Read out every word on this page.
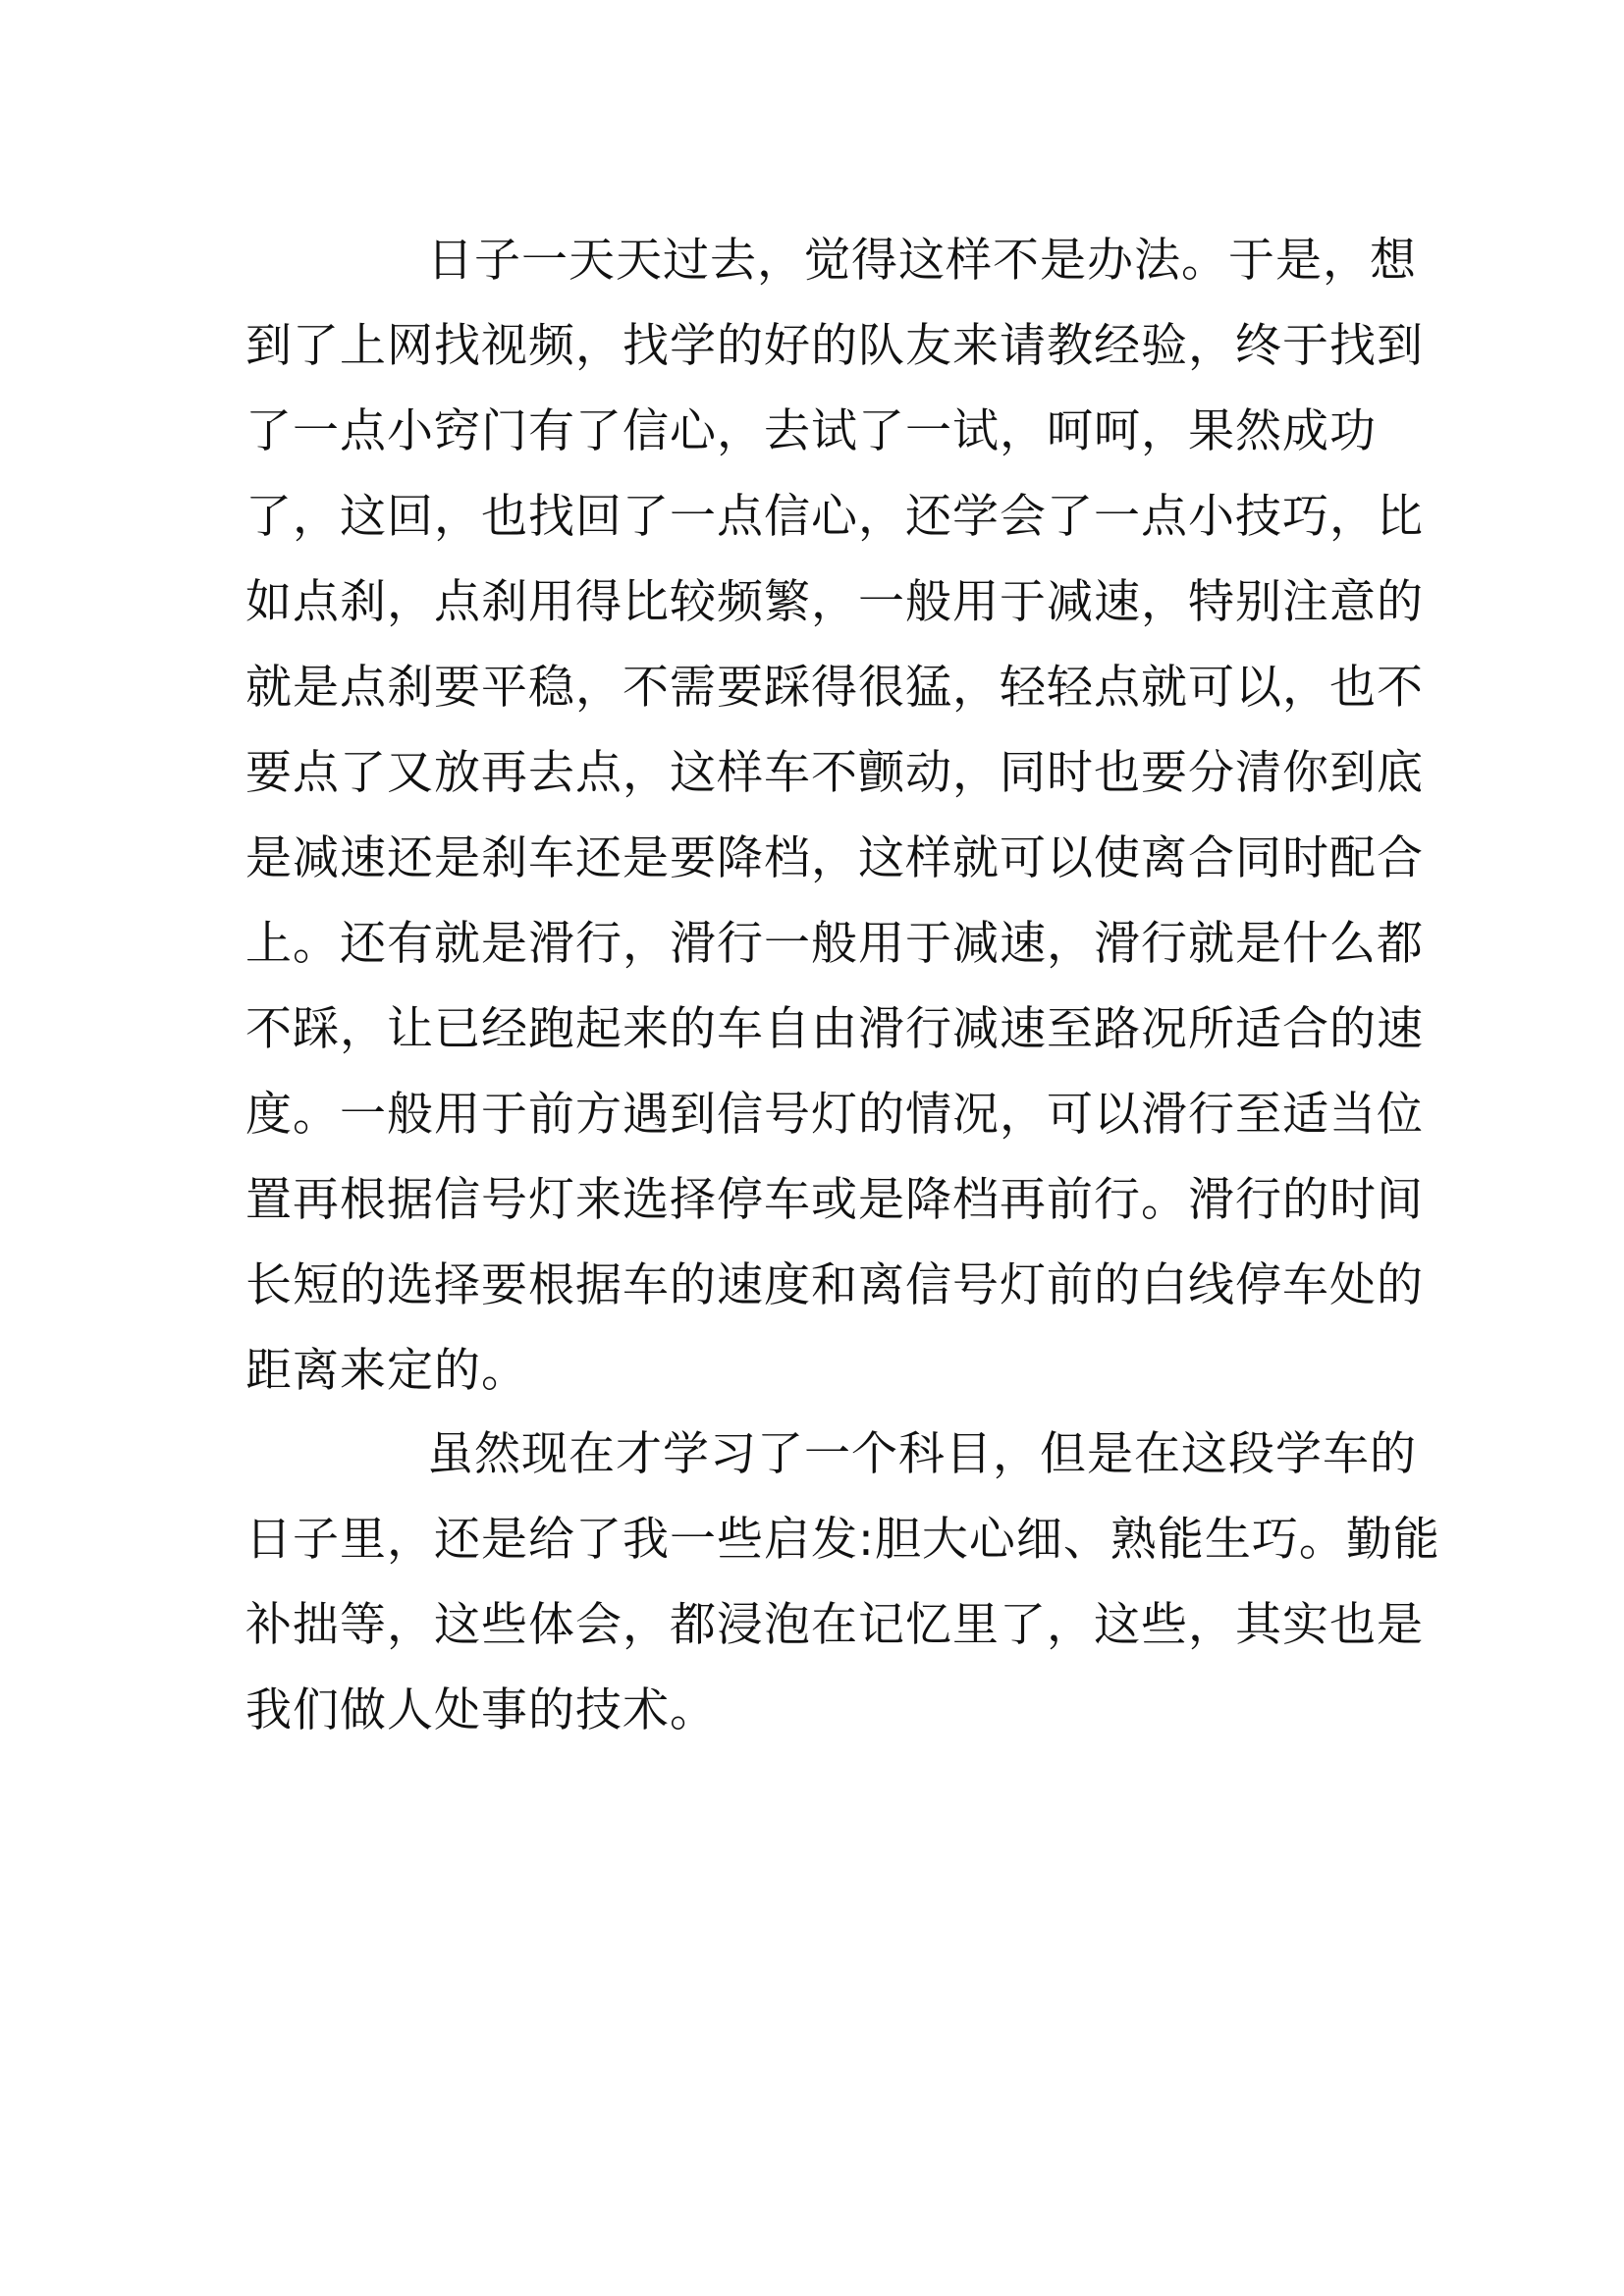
日子一天天过去，觉得这样不是办法。于是，想
到了上网找视频，找学的好的队友来请教经验，终于找到
了一点小窍门有了信心，去试了一试，呵呵，果然成功
了，这回，也找回了一点信心，还学会了一点小技巧，比
如点刹，点刹用得比较频繁，一般用于减速，特别注意的
就是点刹要平稳，不需要踩得很猛，轻轻点就可以，也不
要点了又放再去点，这样车不颤动，同时也要分清你到底
是减速还是刹车还是要降档，这样就可以使离合同时配合
上。还有就是滑行，滑行一般用于减速，滑行就是什么都
不踩，让已经跑起来的车自由滑行减速至路况所适合的速
度。一般用于前方遇到信号灯的情况，可以滑行至适当位
置再根据信号灯来选择停车或是降档再前行。滑行的时间
长短的选择要根据车的速度和离信号灯前的白线停车处的
距离来定的。
虽然现在才学习了一个科目，但是在这段学车的
日子里，还是给了我一些启发:胆大心细、熟能生巧。勤能
补拙等，这些体会，都浸泡在记忆里了，这些，其实也是
我们做人处事的技术。
